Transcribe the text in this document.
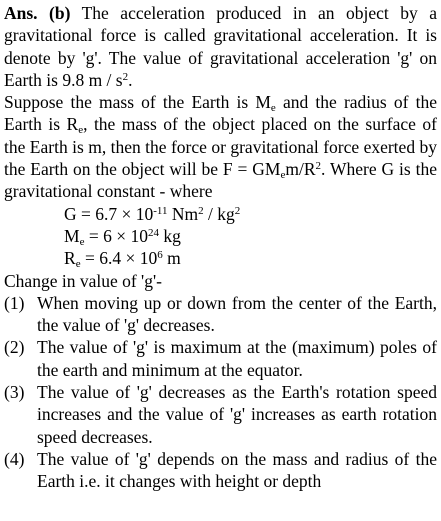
Ans. (b) The acceleration produced in an object by a gravitational force is called gravitational acceleration. It is denote by 'g'. The value of gravitational acceleration 'g' on Earth is 9.8 m / $s^2$.

Suppose the mass of the Earth is $M_e$ and the radius of the Earth is $R_e$, the mass of the object placed on the surface of the Earth is m, then the force or gravitational force exerted by the Earth on the object will be $F = GM_em/R^2$. Where G is the gravitational constant - where

$G = 6.7 \times 10^{-11}$ $Nm^2 / kg^2$

$M_e = 6 \times 10^{24}$ kg

$R_e = 6.4 \times 10^6$ m

Change in value of 'g'-

(1) When moving up or down from the center of the Earth, the value of 'g' decreases.
(2) The value of 'g' is maximum at the (maximum) poles of the earth and minimum at the equator.
(3) The value of 'g' decreases as the Earth's rotation speed increases and the value of 'g' increases as earth rotation speed decreases.
(4) The value of 'g' depends on the mass and radius of the Earth i.e. it changes with height or depth
